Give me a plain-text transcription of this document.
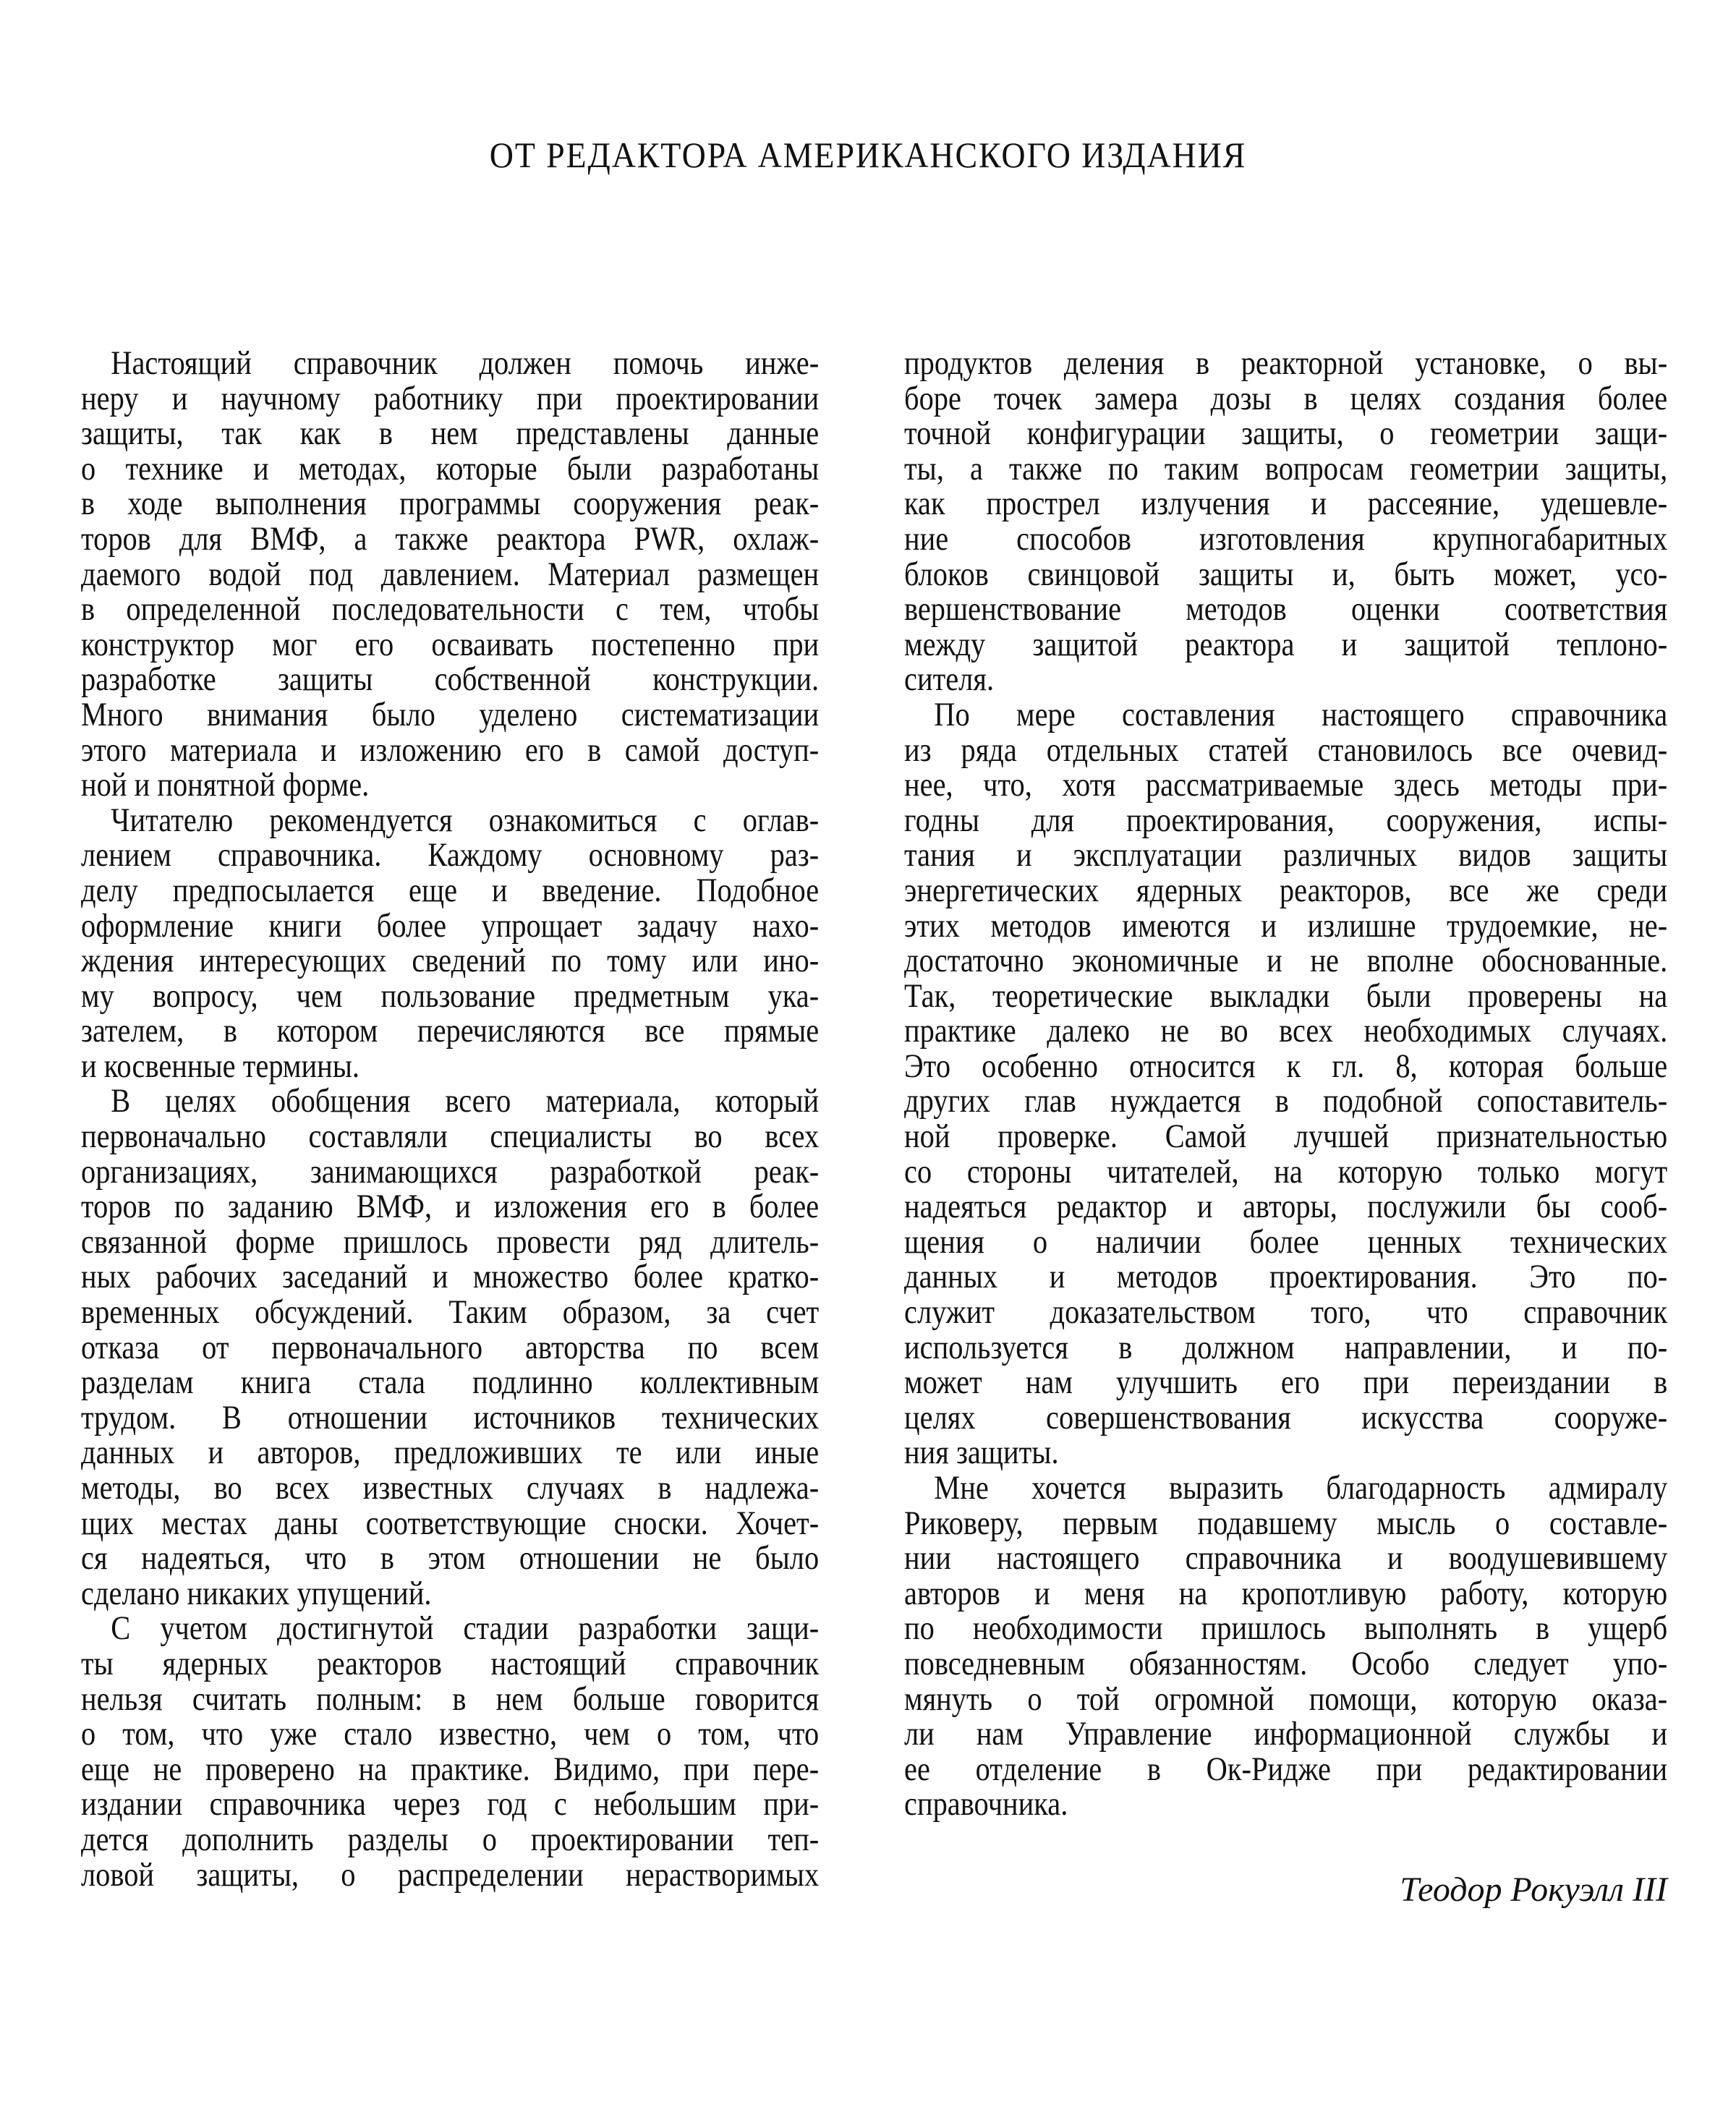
ОТ РЕДАКТОРА АМЕРИКАНСКОГО ИЗДАНИЯ
Настоящий справочник должен помочь инже-
неру и научному работнику при проектировании
защиты, так как в нем представлены данные
о технике и методах, которые были разработаны
в ходе выполнения программы сооружения реак-
торов для ВМФ, а также реактора PWR, охлаж-
даемого водой под давлением. Материал размещен
в определенной последовательности с тем, чтобы
конструктор мог его осваивать постепенно при
разработке защиты собственной конструкции.
Много внимания было уделено систематизации
этого материала и изложению его в самой доступ-
ной и понятной форме.
Читателю рекомендуется ознакомиться с оглав-
лением справочника. Каждому основному раз-
делу предпосылается еще и введение. Подобное
оформление книги более упрощает задачу нахо-
ждения интересующих сведений по тому или ино-
му вопросу, чем пользование предметным ука-
зателем, в котором перечисляются все прямые
и косвенные термины.
В целях обобщения всего материала, который
первоначально составляли специалисты во всех
организациях, занимающихся разработкой реак-
торов по заданию ВМФ, и изложения его в более
связанной форме пришлось провести ряд длитель-
ных рабочих заседаний и множество более кратко-
временных обсуждений. Таким образом, за счет
отказа от первоначального авторства по всем
разделам книга стала подлинно коллективным
трудом. В отношении источников технических
данных и авторов, предложивших те или иные
методы, во всех известных случаях в надлежа-
щих местах даны соответствующие сноски. Хочет-
ся надеяться, что в этом отношении не было
сделано никаких упущений.
С учетом достигнутой стадии разработки защи-
ты ядерных реакторов настоящий справочник
нельзя считать полным: в нем больше говорится
о том, что уже стало известно, чем о том, что
еще не проверено на практике. Видимо, при пере-
издании справочника через год с небольшим при-
дется дополнить разделы о проектировании теп-
ловой защиты, о распределении нерастворимых
продуктов деления в реакторной установке, о вы-
боре точек замера дозы в целях создания более
точной конфигурации защиты, о геометрии защи-
ты, а также по таким вопросам геометрии защиты,
как прострел излучения и рассеяние, удешевле-
ние способов изготовления крупногабаритных
блоков свинцовой защиты и, быть может, усо-
вершенствование методов оценки соответствия
между защитой реактора и защитой теплоно-
сителя.
По мере составления настоящего справочника
из ряда отдельных статей становилось все очевид-
нее, что, хотя рассматриваемые здесь методы при-
годны для проектирования, сооружения, испы-
тания и эксплуатации различных видов защиты
энергетических ядерных реакторов, все же среди
этих методов имеются и излишне трудоемкие, не-
достаточно экономичные и не вполне обоснованные.
Так, теоретические выкладки были проверены на
практике далеко не во всех необходимых случаях.
Это особенно относится к гл. 8, которая больше
других глав нуждается в подобной сопоставитель-
ной проверке. Самой лучшей признательностью
со стороны читателей, на которую только могут
надеяться редактор и авторы, послужили бы сооб-
щения о наличии более ценных технических
данных и методов проектирования. Это по-
служит доказательством того, что справочник
используется в должном направлении, и по-
может нам улучшить его при переиздании в
целях совершенствования искусства сооруже-
ния защиты.
Мне хочется выразить благодарность адмиралу
Риковеру, первым подавшему мысль о составле-
нии настоящего справочника и воодушевившему
авторов и меня на кропотливую работу, которую
по необходимости пришлось выполнять в ущерб
повседневным обязанностям. Особо следует упо-
мянуть о той огромной помощи, которую оказа-
ли нам Управление информационной службы и
ее отделение в Ок-Ридже при редактировании
справочника.
Теодор Рокуэлл III
